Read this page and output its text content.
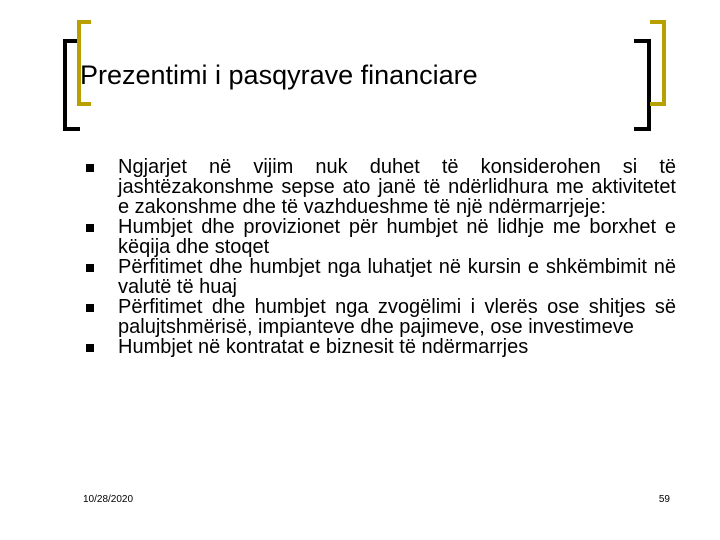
Prezentimi i pasqyrave financiare
Ngjarjet në vijim nuk duhet të konsiderohen si të jashtëzakonshme sepse ato janë të ndërlidhura me aktivitetet e zakonshme dhe të vazhdueshme të një ndërmarrjeje:
Humbjet dhe provizionet për humbjet në lidhje me borxhet e këqija dhe stoqet
Përfitimet dhe humbjet nga luhatjet në kursin e shkëmbimit në valutë të huaj
Përfitimet dhe humbjet nga zvogëlimi i vlerës ose shitjes së palujtshmërisë, impianteve dhe pajimeve, ose investimeve
Humbjet në kontratat e biznesit të ndërmarrjes
10/28/2020	59
